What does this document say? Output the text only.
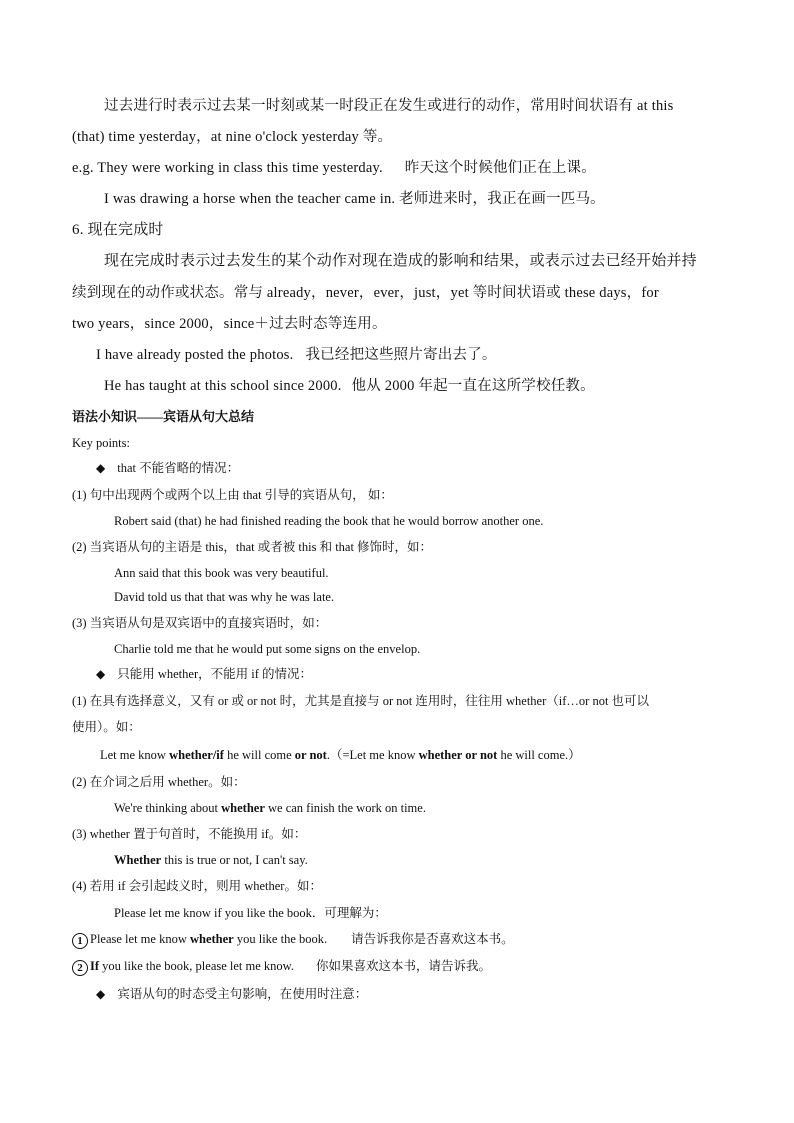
过去进行时表示过去某一时刻或某一时段正在发生或进行的动作，常用时间状语有 at this
(that) time yesterday，at nine o'clock yesterday 等。
e.g. They were working in class this time yesterday. 昨天这个时候他们正在上课。
I was drawing a horse when the teacher came in. 老师进来时，我正在画一匹马。
6. 现在完成时
现在完成时表示过去发生的某个动作对现在造成的影响和结果，或表示过去已经开始并持
续到现在的动作或状态。常与 already，never，ever，just，yet 等时间状语或 these days，for
two years，since 2000，since＋过去时态等连用。
I have already posted the photos. 我已经把这些照片寄出去了。
He has taught at this school since 2000. 他从 2000 年起一直在这所学校任教。
语法小知识——宾语从句大总结
Key points:
◆ that 不能省略的情况：
(1) 句中出现两个或两个以上由 that 引导的宾语从句， 如：
Robert said (that) he had finished reading the book that he would borrow another one.
(2) 当宾语从句的主语是 this，that 或者被 this 和 that 修饰时，如：
Ann said that this book was very beautiful.
David told us that that was why he was late.
(3) 当宾语从句是双宾语中的直接宾语时，如：
Charlie told me that he would put some signs on the envelop.
◆ 只能用 whether，不能用 if 的情况：
(1) 在具有选择意义，又有 or 或 or not 时，尤其是直接与 or not 连用时，往往用 whether（if…or not 也可以
使用）。如：
Let me know whether/if he will come or not.（=Let me know whether or not he will come.）
(2) 在介词之后用 whether。如：
We're thinking about whether we can finish the work on time.
(3) whether 置于句首时，不能换用 if。如：
Whether this is true or not, I can't say.
(4) 若用 if 会引起歧义时，则用 whether。如：
Please let me know if you like the book．可理解为：
1 Please let me know whether you like the book. 请告诉我你是否喜欢这本书。
2 If you like the book, please let me know. 你如果喜欢这本书，请告诉我。
◆ 宾语从句的时态受主句影响，在使用时注意：
